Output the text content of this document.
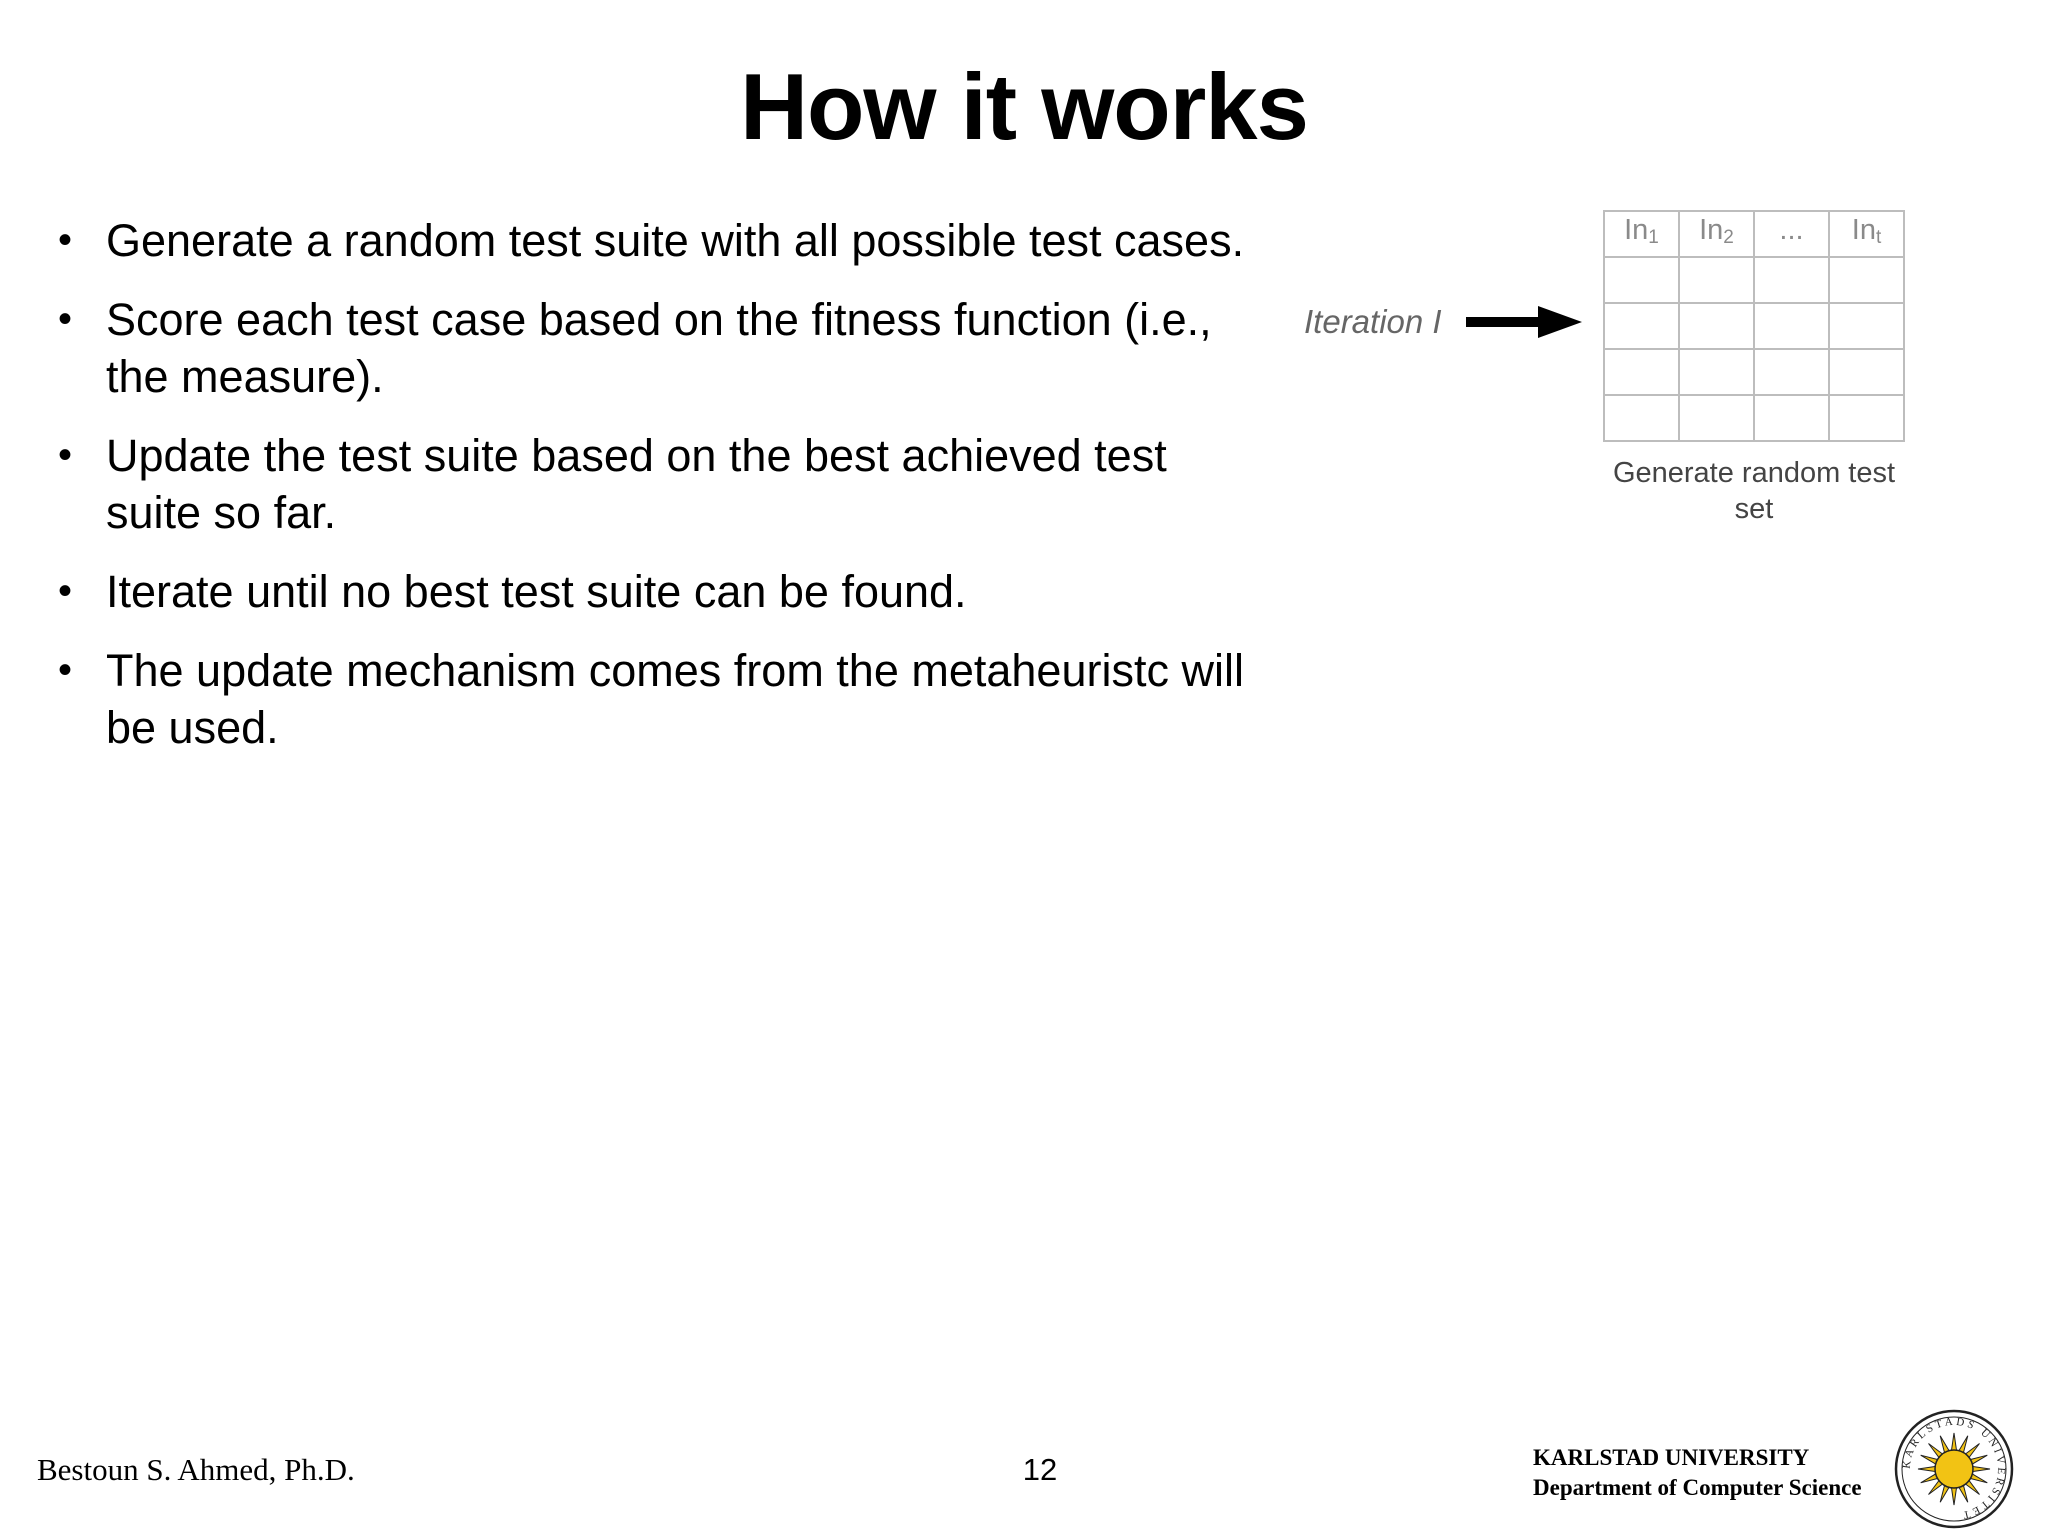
How it works
• Generate a random test suite with all possible test cases.
• Score each test case based on the fitness function (i.e., the measure).
• Update the test suite based on the best achieved test suite so far.
• Iterate until no best test suite can be found.
• The update mechanism comes from the metaheuristc will be used.
Iteration I
$In_1$	$In_2$	...	$In_t$

Generate random test set
Bestoun S. Ahmed, Ph.D.	12	KARLSTAD UNIVERSITY
Department of Computer Science
KARLSTADS UNIVERSITET
